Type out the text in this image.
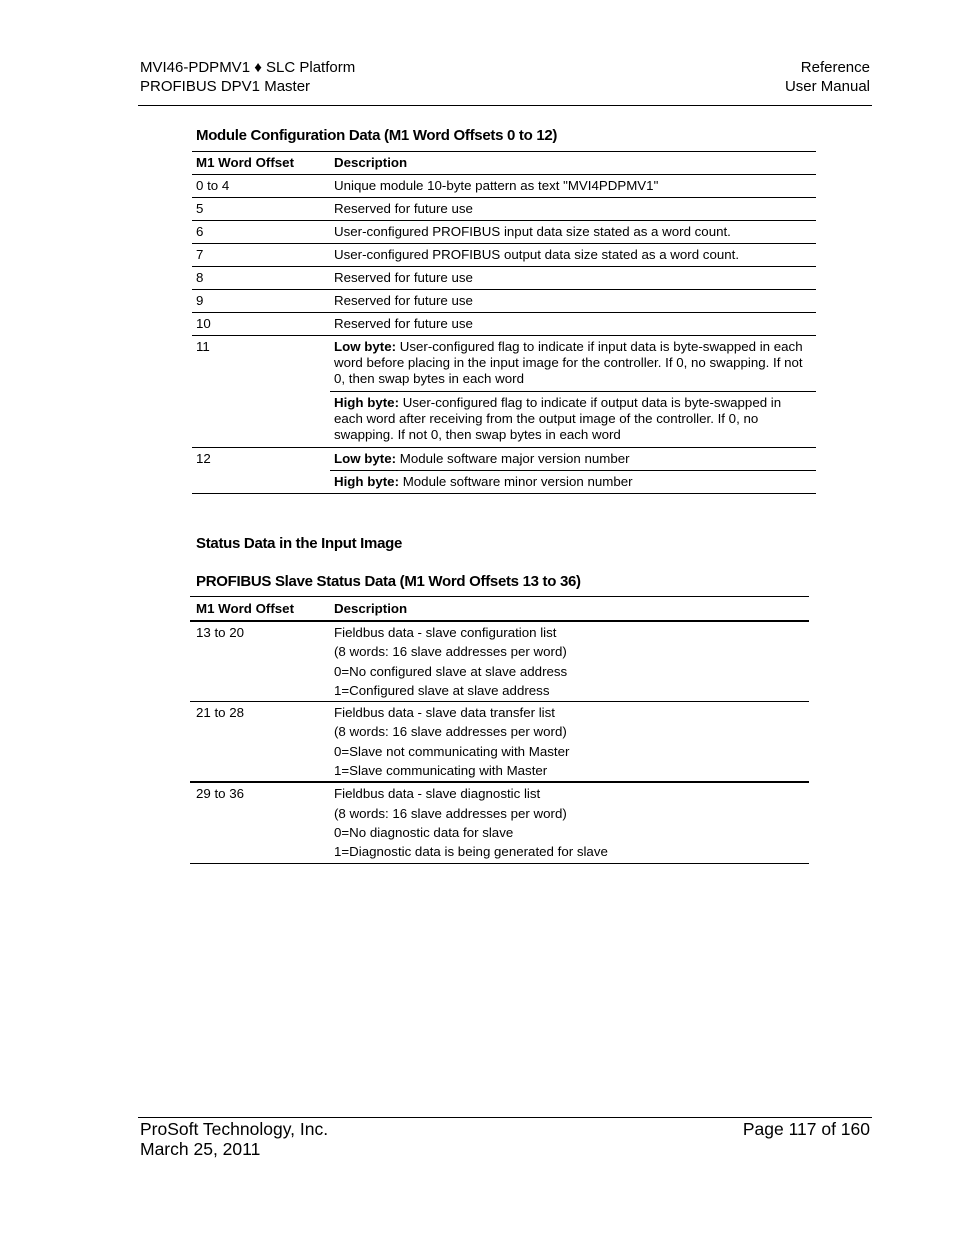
MVI46-PDPMV1 ♦ SLC Platform
PROFIBUS DPV1 Master
Reference
User Manual
Module Configuration Data (M1 Word Offsets 0 to 12)
M1 Word Offset	Description
0 to 4	Unique module 10-byte pattern as text "MVI4PDPMV1"
5	Reserved for future use
6	User-configured PROFIBUS input data size stated as a word count.
7	User-configured PROFIBUS output data size stated as a word count.
8	Reserved for future use
9	Reserved for future use
10	Reserved for future use
11	Low byte: User-configured flag to indicate if input data is byte-swapped in each word before placing in the input image for the controller. If 0, no swapping. If not 0, then swap bytes in each word
	High byte: User-configured flag to indicate if output data is byte-swapped in each word after receiving from the output image of the controller. If 0, no swapping. If not 0, then swap bytes in each word
12	Low byte: Module software major version number
	High byte: Module software minor version number
Status Data in the Input Image
PROFIBUS Slave Status Data (M1 Word Offsets 13 to 36)
M1 Word Offset	Description
13 to 20	Fieldbus data - slave configuration list
(8 words: 16 slave addresses per word)
0=No configured slave at slave address
1=Configured slave at slave address

21 to 28	Fieldbus data - slave data transfer list
(8 words: 16 slave addresses per word)
0=Slave not communicating with Master
1=Slave communicating with Master

29 to 36	Fieldbus data - slave diagnostic list
(8 words: 16 slave addresses per word)
0=No diagnostic data for slave
1=Diagnostic data is being generated for slave
ProSoft Technology, Inc.
March 25, 2011
Page 117 of 160
